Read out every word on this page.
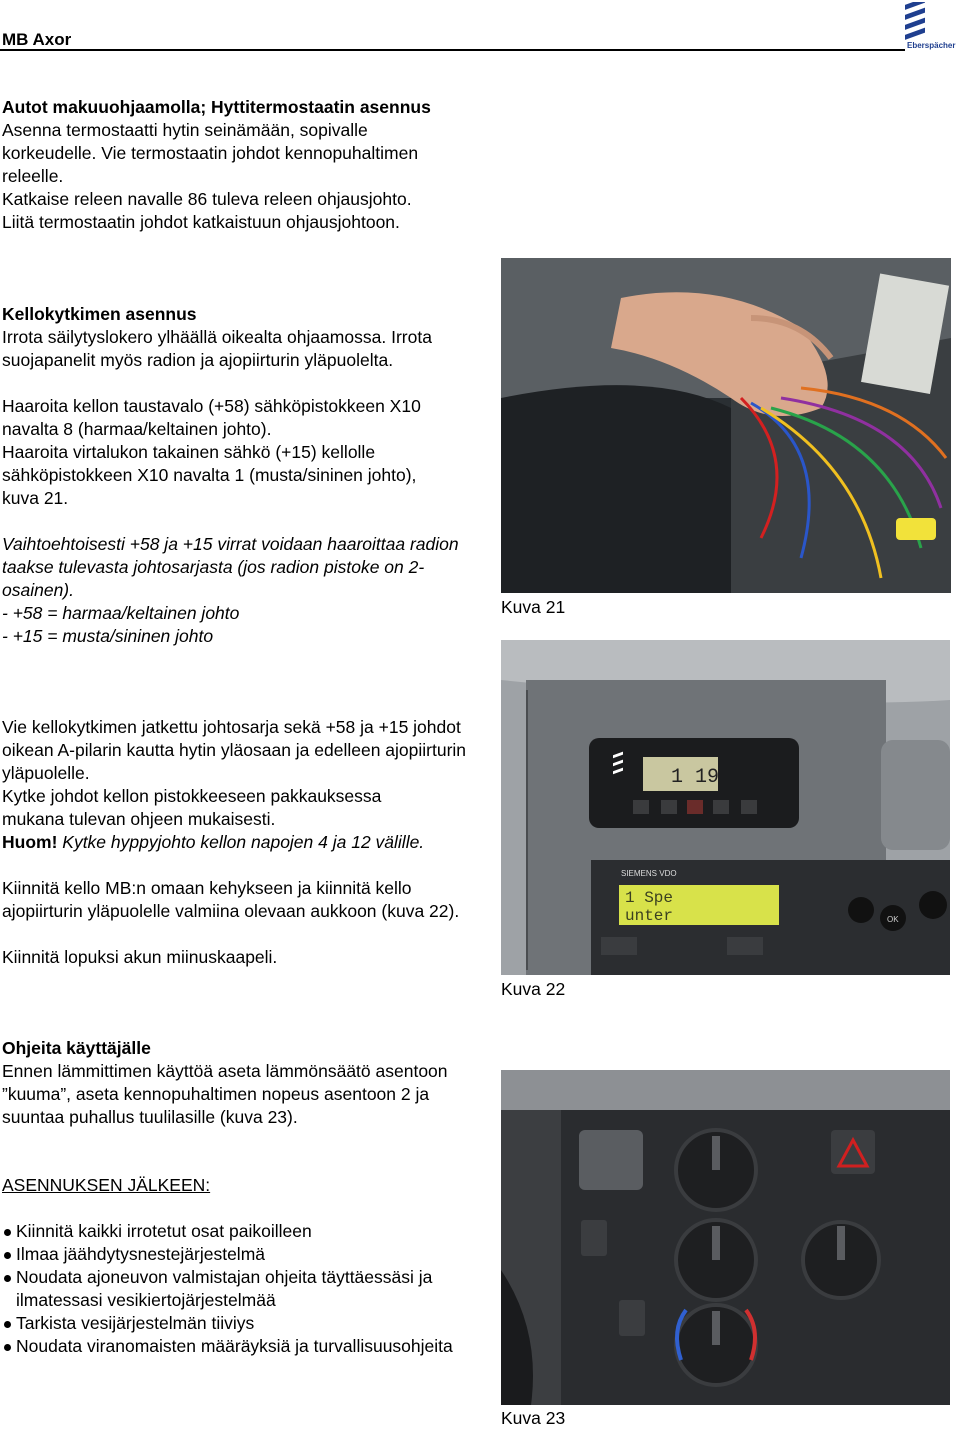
MB Axor	Eberspächer

Autot makuuohjaamolla; Hyttitermostaatin asennus

Asenna termostaatti hytin seinämään, sopivalle korkeudelle. Vie termostaatin johdot kennopuhaltimen releelle.

Katkaise releen navalle 86 tuleva releen ohjausjohto.

Liitä termostaatin johdot katkaistuun ohjausjohtoon.

Kellokytkimen asennus

Irrota säilytyslokero ylhäällä oikealta ohjaamossa. Irrota suojapanelit myös radion ja ajopiirturin yläpuolelta.

Haaroita kellon taustavalo (+58) sähköpistokkeen X10 navalta 8 (harmaa/keltainen johto).

Haaroita virtalukon takainen sähkö (+15) kellolle sähköpistokkeen X10 navalta 1 (musta/sininen johto), kuva 21.

Vaihtoehtoisesti +58 ja +15 virrat voidaan haaroittaa radion taakse tulevasta johtosarjasta (jos radion pistoke on 2-osainen).

- +58 = harmaa/keltainen johto

- +15 = musta/sininen johto

Vie kellokytkimen jatkettu johtosarja sekä +58 ja +15 johdot oikean A-pilarin kautta hytin yläosaan ja edelleen ajopiirturin yläpuolelle.

Kytke johdot kellon pistokkeeseen pakkauksessa mukana tulevan ohjeen mukaisesti.

Huom! Kytke hyppyjohto kellon napojen 4 ja 12 välille.

Kiinnitä kello MB:n omaan kehykseen ja kiinnitä kello ajopiirturin yläpuolelle valmiina olevaan aukkoon (kuva 22).

Kiinnitä lopuksi akun miinuskaapeli.

Ohjeita käyttäjälle

Ennen lämmittimen käyttöä aseta lämmönsäätö asentoon ”kuuma”, aseta kennopuhaltimen nopeus asentoon 2 ja suuntaa puhallus tuulilasille (kuva 23).

ASENNUKSEN JÄLKEEN:

Kiinnitä kaikki irrotetut osat paikoilleen
Ilmaa jäähdytysnestejärjestelmä
Noudata ajoneuvon valmistajan ohjeita täyttäessäsi ja ilmatessasi vesikiertojärjestelmää
Tarkista vesijärjestelmän tiiviys
Noudata viranomaisten määräyksiä ja turvallisuusohjeita
Kuva 21
1 19
SIEMENS VDO
1 Spe
unter	OK
Kuva 22
Kuva 23
